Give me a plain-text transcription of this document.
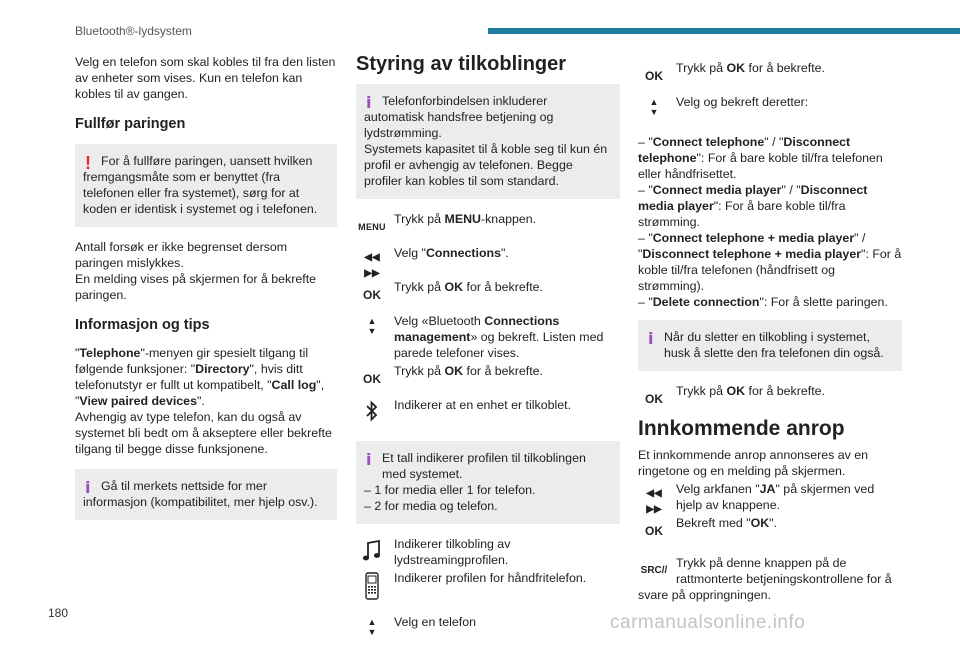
Bluetooth®-lydsystem

Velg en telefon som skal kobles til fra den listen av enheter som vises. Kun en telefon kan kobles til av gangen.

Fullfør paringen
! For å fullføre paringen, uansett hvilken
fremgangsmåte som er benyttet (fra telefonen eller fra systemet), sørg for at koden er identisk i systemet og i telefonen.

Antall forsøk er ikke begrenset dersom paringen mislykkes.
En melding vises på skjermen for å bekrefte paringen.

Informasjon og tips

"Telephone"-menyen gir spesielt tilgang til følgende funksjoner: "Directory", hvis ditt telefonutstyr er fullt ut kompatibelt, "Call log", "View paired devices".

Avhengig av type telefon, kan du også av systemet bli bedt om å akseptere eller bekrefte tilgang til begge disse funksjonene.

i Gå til merkets nettside for mer
informasjon (kompatibilitet, mer hjelp osv.).
Styring av tilkoblinger
i Telefonforbindelsen inkluderer
automatisk handsfree betjening og lydstrømming.
Systemets kapasitet til å koble seg til kun én profil er avhengig av telefonen. Begge profiler kan kobles til som standard.
MENU
Trykk på MENU-knappen.
◀◀ ▶▶
Velg "Connections".
OK
Trykk på OK for å bekrefte.
▲
▼
Velg «Bluetooth Connections management» og bekreft. Listen med parede telefoner vises.
OK
Trykk på OK for å bekrefte.
Indikerer at en enhet er tilkoblet.
i Et tall indikerer profilen til tilkoblingen
med systemet.
– 1 for media eller 1 for telefon.
– 2 for media og telefon.
Indikerer tilkobling av lydstreamingprofilen.
Indikerer profilen for håndfritelefon.
▲
▼
Velg en telefon
OK
Trykk på OK for å bekrefte.
▲
▼
Velg og bekreft deretter:
– "Connect telephone" / "Disconnect telephone": For å bare koble til/fra telefonen eller håndfrisettet.
– "Connect media player" / "Disconnect media player": For å bare koble til/fra strømming.
– "Connect telephone + media player" / "Disconnect telephone + media player": For å koble til/fra telefonen (håndfrisett og strømming).
– "Delete connection": For å slette paringen.
i Når du sletter en tilkobling i systemet,
husk å slette den fra telefonen din også.
OK
Trykk på OK for å bekrefte.
Innkommende anrop

Et innkommende anrop annonseres av en ringetone og en melding på skjermen.

◀◀ ▶▶
Velg arkfanen "JA" på skjermen ved hjelp av knappene.
OK
Bekreft med "OK".
SRC//
Trykk på denne knappen på de
rattmonterte betjeningskontrollene for å svare på oppringningen.
180	carmanualsonline.info
